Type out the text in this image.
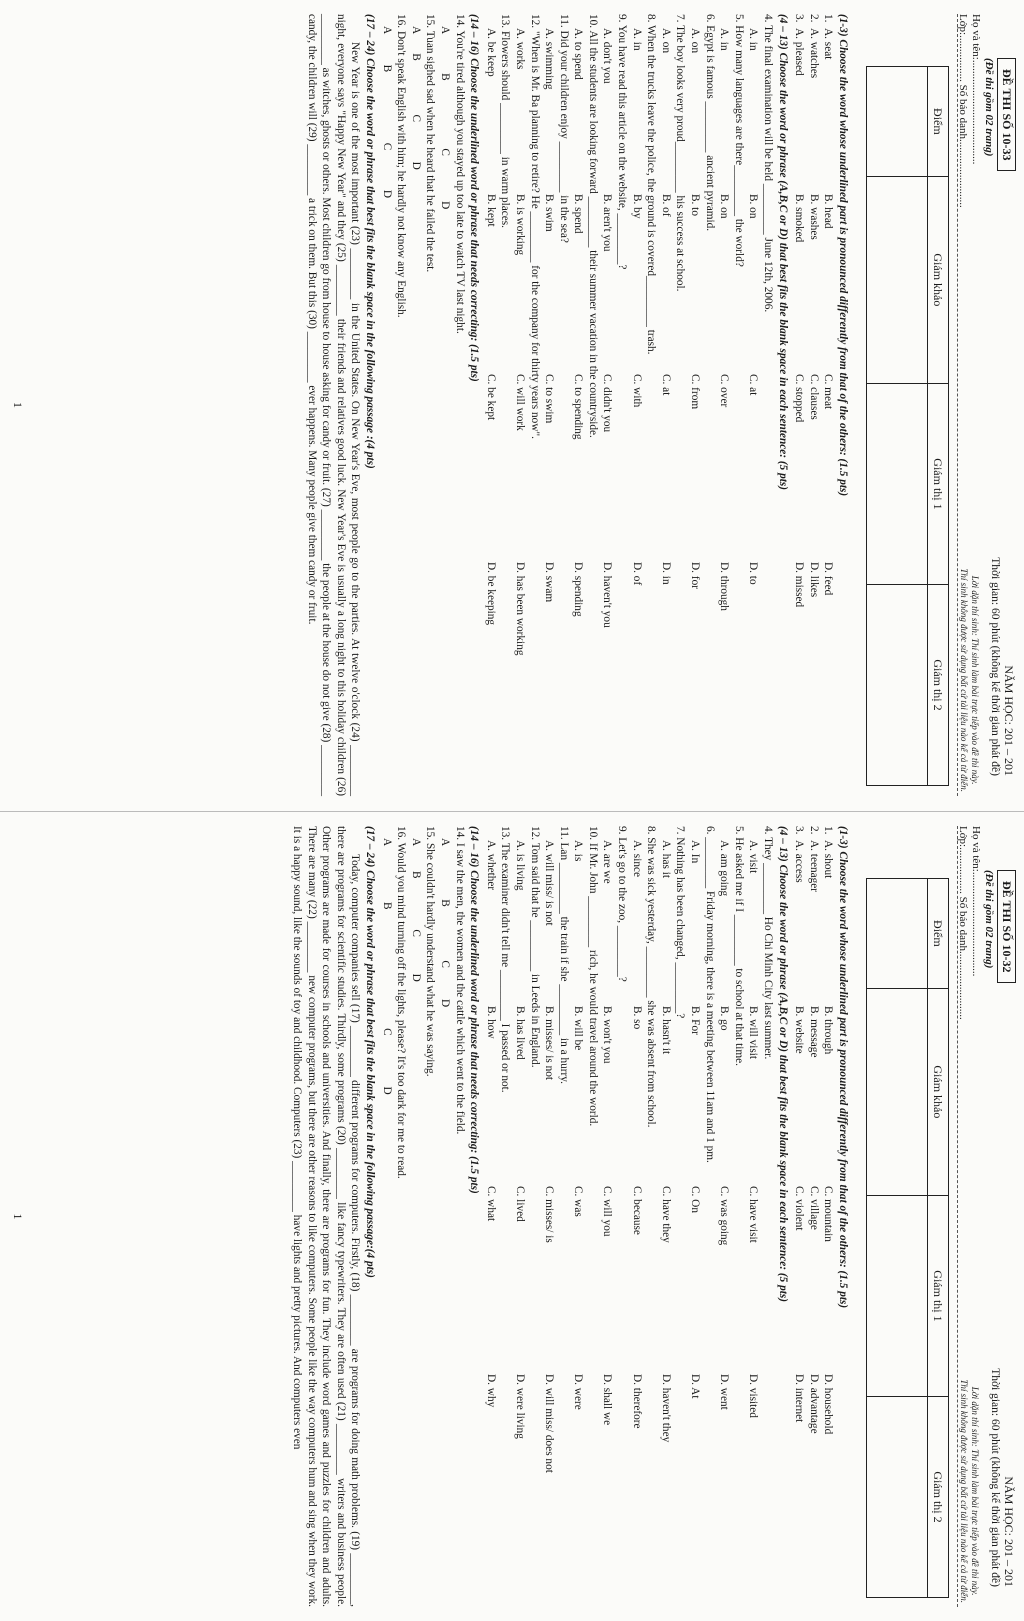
ĐỀ THI SỐ 10-33
(Đề thi gồm 02 trang)
NĂM HỌC: 201 – 201
Thời gian: 60 phút (không kể thời gian phát đề)
Họ và tên:......................................
Lớp:................. Số báo danh.........................
Lời dặn thí sinh: Thí sinh làm bài trực tiếp vào đề thi này.
Thí sinh không được sử dụng bất cứ tài liệu nào kể cả từ điển.
Điểm	Giám khảo	Giám thị 1	Giám thị 2

(1-3) Choose the word whose underlined part is pronounced differently from that of the others: (1.5 pts)
1.
A. seat
B. head
C. meat
D. feed
2.
A. watches
B. washes
C. clauses
D. likes
3.
A. pleased
B. smoked
C. stopped
D. missed
(4 – 13) Choose the word or phrase (A,B,C or D) that best fits the blank space in each sentence: (5 pts)
4. The final examination will be held _________ June 12th, 2006.
A. in
B. on
C. at
D. to
5. How many languages are there_________ the world?
A. in
B. on
C. over
D. through
6. Egypt is famous _________ ancient pyramid.
A. on
B. to
C. from
D. for
7. The boy looks very proud_________ his success at school.
A. on
B. of
C. at
D. in
8. When the trucks leave the police, the ground is covered_________ trash.
A. in
B. by
C. with
D. of
9. You have read this article on the website, _________?
A. don't you
B. aren't you
C. didn't you
D. haven't you
10. All the students are looking forward _________ their summer vacation in the countryside.
A. to spend
B. spend
C. to spending
D. spending
11. Did your children enjoy _________ in the sea?
A. swimming
B. swim
C. to swim
D. swam
12. "When is Mr. Ba planning to retire? He _________ for the company for thirty years now".
A. works
B. is working
C. will work
D. has been working
13. Flowers should _________ in warm places.
A. be keep
B. kept
C. be kept
D. be keeping
(14 – 16) Choose the underlined word or phrase that needs correcting: (1.5 pts)
14. You're tired although you stayed up too late to watch TV last night.
A              B                        C                D
15. Tuan sighed sad when he heard that he failed the test.
A       B                   C              D
16. Don't speak English with him; he hardly not know any English.
A           B                         C              D
(17 – 24) Choose the word or phrase that best fits the blank space in the following passage :(4 pts)

New Year is one of the most important (23) _________ in the United States. On New Year's Eve, most people go to the parties. At twelve o'clock (24) _________ night, everyone says "Happy New Year" and they (25) _________ their friends and relatives good luck. New Year's Eve is usually a long night to this holiday children (26) _________ as witches, ghosts or others. Most children go from house to house asking for candy or fruit. (27) _________ the people at the house do not give (28) _________ candy, the children will (29) _________ a trick on them. But this (30) _________ ever happens. Many people give them candy or fruit.

1
ĐỀ THI SỐ 10-32
(Đề thi gồm 02 trang)
NĂM HỌC: 201 – 201
Thời gian: 60 phút (không kể thời gian phát đề)
Họ và tên:......................................
Lớp:................. Số báo danh.........................
Lời dặn thí sinh: Thí sinh làm bài trực tiếp vào đề thi này.
Thí sinh không được sử dụng bất cứ tài liệu nào kể cả từ điển.
Điểm	Giám khảo	Giám thị 1	Giám thị 2

(1-3) Choose the word whose underlined part is pronounced differently from that of the others: (1.5 pts)
1.
A. shout
B. through
C. mountain
D. household
2.
A. teenager
B. message
C. village
D. advantage
3.
A. access
B. website
C. violent
D. internet
(4 – 13) Choose the word or phrase (A,B,C or D) that best fits the blank space in each sentence: (5 pts)
4. They _________ Ho Chi Minh City last summer.
A. visit
B. will visit
C. have visit
D. visited
5. He asked me if I _________ to school at that time.
A. am going
B. go
C. was going
D. went
6. _________ Friday morning, there is a meeting between 11am and 1 pm.
A. In
B. For
C. On
D. At
7. Nothing has been changed, _________?
A. has it
B. hasn't it
C. have they
D. haven't they
8. She was sick yesterday, _________ she was absent from school.
A. since
B. so
C. because
D. therefore
9. Let's go to the zoo, _________?
A. are we
B. won't you
C. will you
D. shall we
10. If Mr. John _________ rich, he would travel around the world.
A. is
B. will be
C. was
D. were
11. Lan _________ the train if she _________ in a hurry.
A. will miss/ is not
B. misses/ is not
C. misses/ is
D. will miss/ does not
12. Tom said that he _________ in Leeds in England.
A. is living
B. has lived
C. lived
D. were living
13. The examiner didn't tell me _________ I passed or not.
A. whether
B. how
C. what
D. why
(14 – 16) Choose the underlined word or phrase that needs correcting: (1.5 pts)
14. I saw the men, the women and the cattle which went to the field.
A                   B                   C           D
15. She couldn't hardly understand what he was saying.
A         B                  C             D
16. Would you mind turning off the lights, please? It's too dark for me to read.
A                    B                                          C                  D
(17 – 24) Choose the word or phrase that best fits the blank space in the following passage:(4 pts)

Today, computer companies sell (17) _________ different programs for computers. Firstly, (18) _________ are programs for doing math problems. (19) _________, there are programs for scientific studies. Thirdly, some programs (20) _________ like fancy typewriters. They are often used (21) _________ writers and business people. Other programs are made for courses in schools and universities. And finally, there are programs for fun. They include word games and puzzles for children and adults. There are many (22) _________ new computer programs, but there are other reasons to like computers. Some people like the way computers hum and sing when they work. It is a happy sound, like the sounds of toy and childhood. Computers (23) _________ have lights and pretty pictures. And computers even

1
